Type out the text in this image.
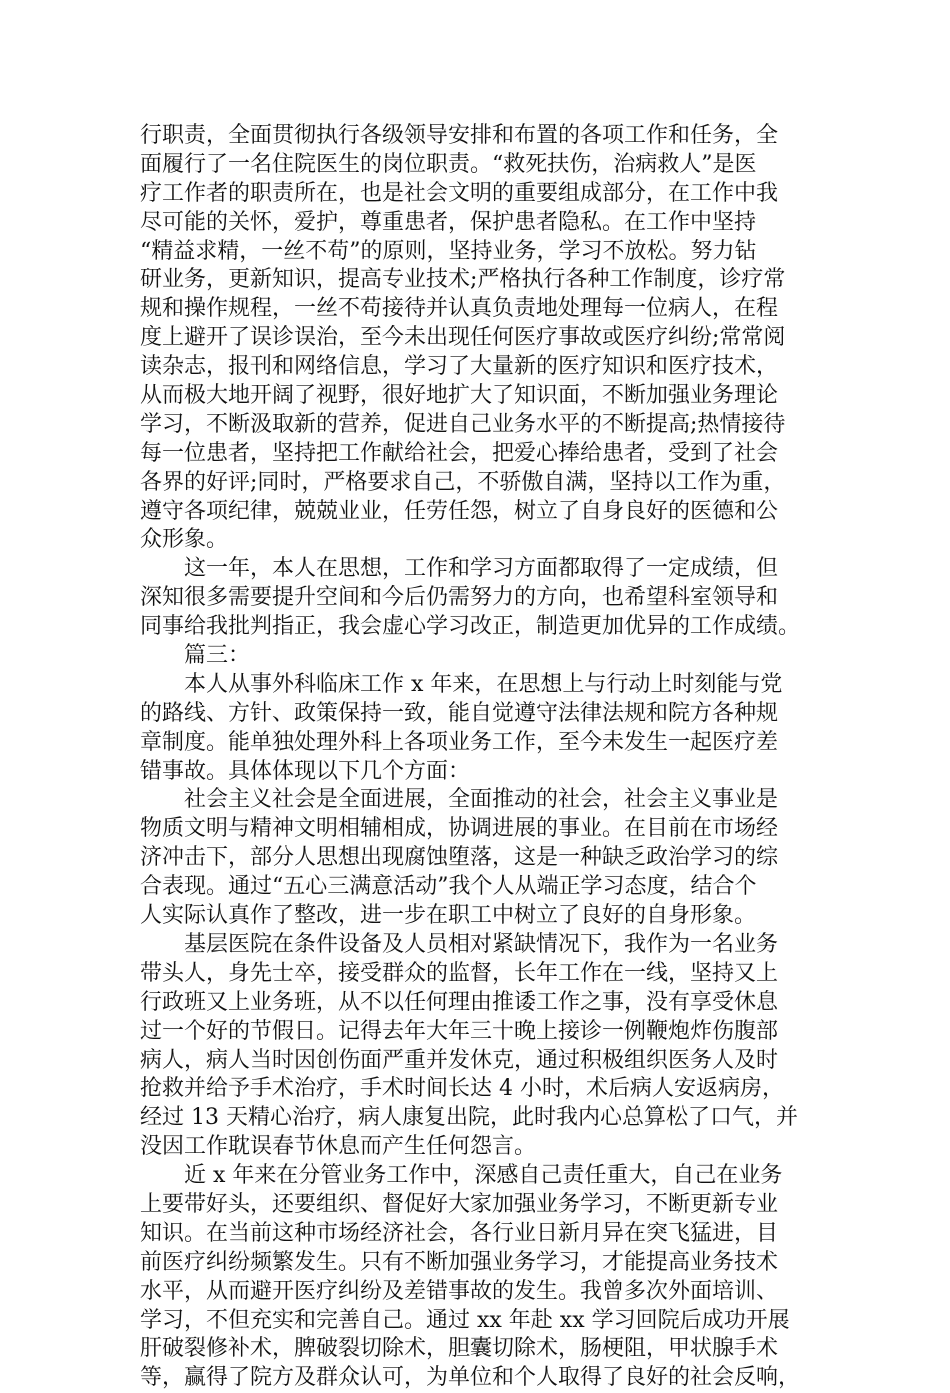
行职责，全面贯彻执行各级领导安排和布置的各项工作和任务，全
面履行了一名住院医生的岗位职责。“救死扶伤，治病救人”是医
疗工作者的职责所在，也是社会文明的重要组成部分，在工作中我
尽可能的关怀，爱护，尊重患者，保护患者隐私。在工作中坚持
“精益求精，一丝不苟”的原则，坚持业务，学习不放松。努力钻
研业务，更新知识，提高专业技术;严格执行各种工作制度，诊疗常
规和操作规程，一丝不苟接待并认真负责地处理每一位病人，在程
度上避开了误诊误治，至今未出现任何医疗事故或医疗纠纷;常常阅
读杂志，报刊和网络信息，学习了大量新的医疗知识和医疗技术，
从而极大地开阔了视野，很好地扩大了知识面，不断加强业务理论
学习，不断汲取新的营养，促进自己业务水平的不断提高;热情接待
每一位患者，坚持把工作献给社会，把爱心捧给患者，受到了社会
各界的好评;同时，严格要求自己，不骄傲自满，坚持以工作为重，
遵守各项纪律，兢兢业业，任劳任怨，树立了自身良好的医德和公
众形象。
这一年，本人在思想，工作和学习方面都取得了一定成绩，但
深知很多需要提升空间和今后仍需努力的方向，也希望科室领导和
同事给我批判指正，我会虚心学习改正，制造更加优异的工作成绩。
篇三：
本人从事外科临床工作 x 年来，在思想上与行动上时刻能与党
的路线、方针、政策保持一致，能自觉遵守法律法规和院方各种规
章制度。能单独处理外科上各项业务工作，至今未发生一起医疗差
错事故。具体体现以下几个方面：
社会主义社会是全面进展，全面推动的社会，社会主义事业是
物质文明与精神文明相辅相成，协调进展的事业。在目前在市场经
济冲击下，部分人思想出现腐蚀堕落，这是一种缺乏政治学习的综
合表现。通过“五心三满意活动”我个人从端正学习态度，结合个
人实际认真作了整改，进一步在职工中树立了良好的自身形象。
基层医院在条件设备及人员相对紧缺情况下，我作为一名业务
带头人，身先士卒，接受群众的监督，长年工作在一线，坚持又上
行政班又上业务班，从不以任何理由推诿工作之事，没有享受休息
过一个好的节假日。记得去年大年三十晚上接诊一例鞭炮炸伤腹部
病人，病人当时因创伤面严重并发休克，通过积极组织医务人及时
抢救并给予手术治疗，手术时间长达 4 小时，术后病人安返病房，
经过 13 天精心治疗，病人康复出院，此时我内心总算松了口气，并
没因工作耽误春节休息而产生任何怨言。
近 x 年来在分管业务工作中，深感自己责任重大，自己在业务
上要带好头，还要组织、督促好大家加强业务学习，不断更新专业
知识。在当前这种市场经济社会，各行业日新月异在突飞猛进，目
前医疗纠纷频繁发生。只有不断加强业务学习，才能提高业务技术
水平，从而避开医疗纠纷及差错事故的发生。我曾多次外面培训、
学习，不但充实和完善自己。通过 xx 年赴 xx 学习回院后成功开展
肝破裂修补术，脾破裂切除术，胆囊切除术，肠梗阻，甲状腺手术
等，赢得了院方及群众认可，为单位和个人取得了良好的社会反响，
